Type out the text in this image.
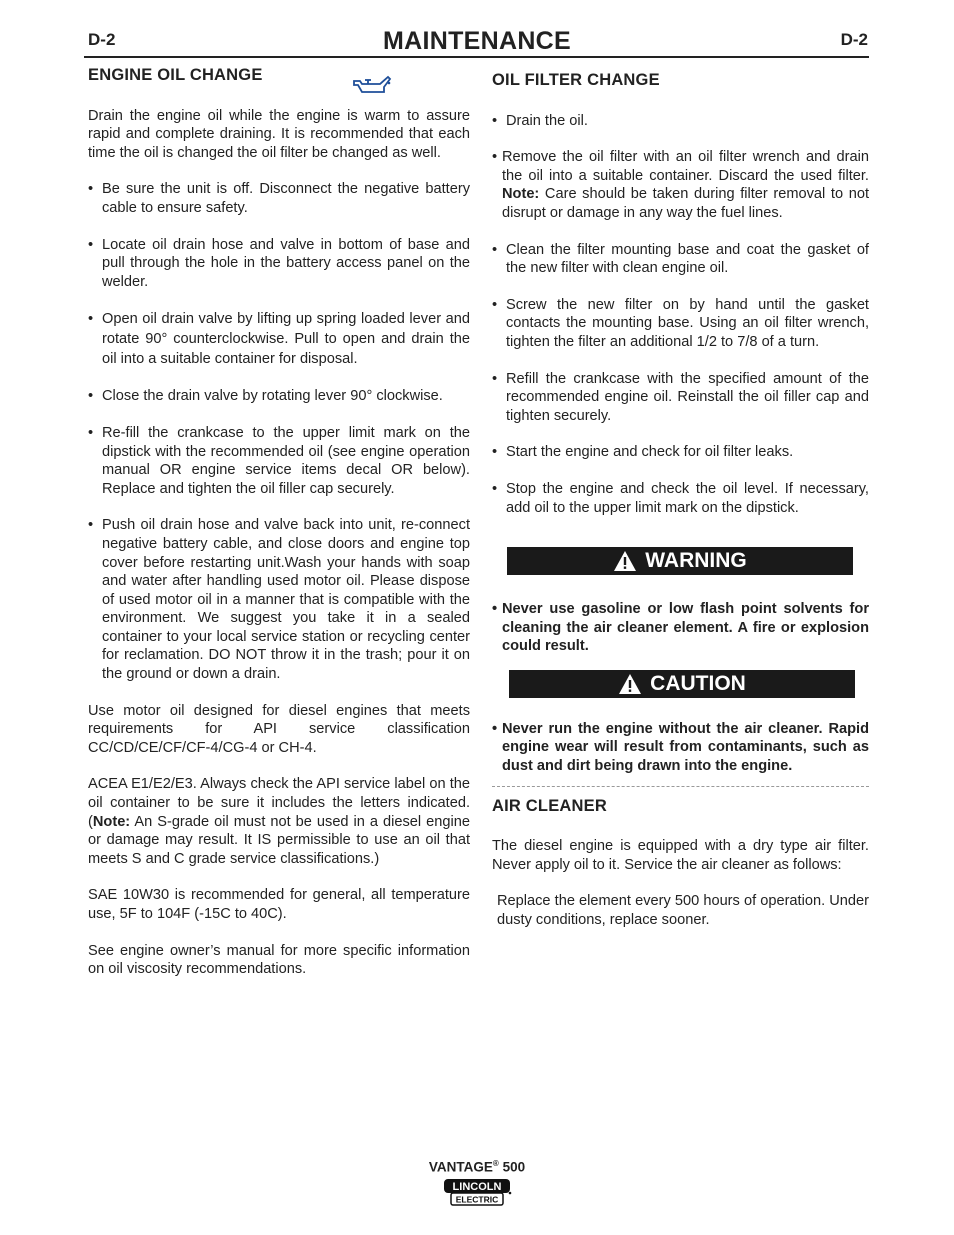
D-2	MAINTENANCE	D-2
ENGINE OIL CHANGE

Drain the engine oil while the engine is warm to assure rapid and complete draining. It is recommended that each time the oil is changed the oil filter be changed as well.

• Be sure the unit is off. Disconnect the negative battery cable to ensure safety.

• Locate oil drain hose and valve in bottom of base and pull through the hole in the battery access panel on the welder.

• Open oil drain valve by lifting up spring loaded lever and rotate 90° counterclockwise. Pull to open and drain the oil into a suitable container for disposal.

• Close the drain valve by rotating lever 90° clockwise.

• Re-fill the crankcase to the upper limit mark on the dipstick with the recommended oil (see engine operation manual OR engine service items decal OR below). Replace and tighten the oil filler cap securely.

• Push oil drain hose and valve back into unit, re-connect negative battery cable, and close doors and engine top cover before restarting unit.Wash your hands with soap and water after handling used motor oil. Please dispose of used motor oil in a manner that is compatible with the environment. We suggest you take it in a sealed container to your local service station or recycling center for reclamation. DO NOT throw it in the trash; pour it on the ground or down a drain.

Use motor oil designed for diesel engines that meets requirements for API service classification CC/CD/CE/CF/CF-4/CG-4 or CH-4.

ACEA E1/E2/E3. Always check the API service label on the oil container to be sure it includes the letters indicated. (Note: An S-grade oil must not be used in a diesel engine or damage may result. It IS permissible to use an oil that meets S and C grade service classifications.)

SAE 10W30 is recommended for general, all temperature use, 5F to 104F (-15C to 40C).

See engine owner’s manual for more specific information on oil viscosity recommendations.

OIL FILTER CHANGE

• Drain the oil.

• Remove the oil filter with an oil filter wrench and drain the oil into a suitable container. Discard the used filter. Note: Care should be taken during filter removal to not disrupt or damage in any way the fuel lines.

• Clean the filter mounting base and coat the gasket of the new filter with clean engine oil.

• Screw the new filter on by hand until the gasket contacts the mounting base. Using an oil filter wrench, tighten the filter an additional 1/2 to 7/8 of a turn.

• Refill the crankcase with the specified amount of the recommended engine oil. Reinstall the oil filler cap and tighten securely.

• Start the engine and check for oil filter leaks.

• Stop the engine and check the oil level. If necessary, add oil to the upper limit mark on the dipstick.

WARNING

• Never use gasoline or low flash point solvents for cleaning the air cleaner element. A fire or explosion could result.

CAUTION

• Never run the engine without the air cleaner. Rapid engine wear will result from contaminants, such as dust and dirt being drawn into the engine.

AIR CLEANER

The diesel engine is equipped with a dry type air filter. Never apply oil to it. Service the air cleaner as follows:

Replace the element every 500 hours of operation. Under dusty conditions, replace sooner.

VANTAGE® 500
LINCOLN
ELECTRIC
